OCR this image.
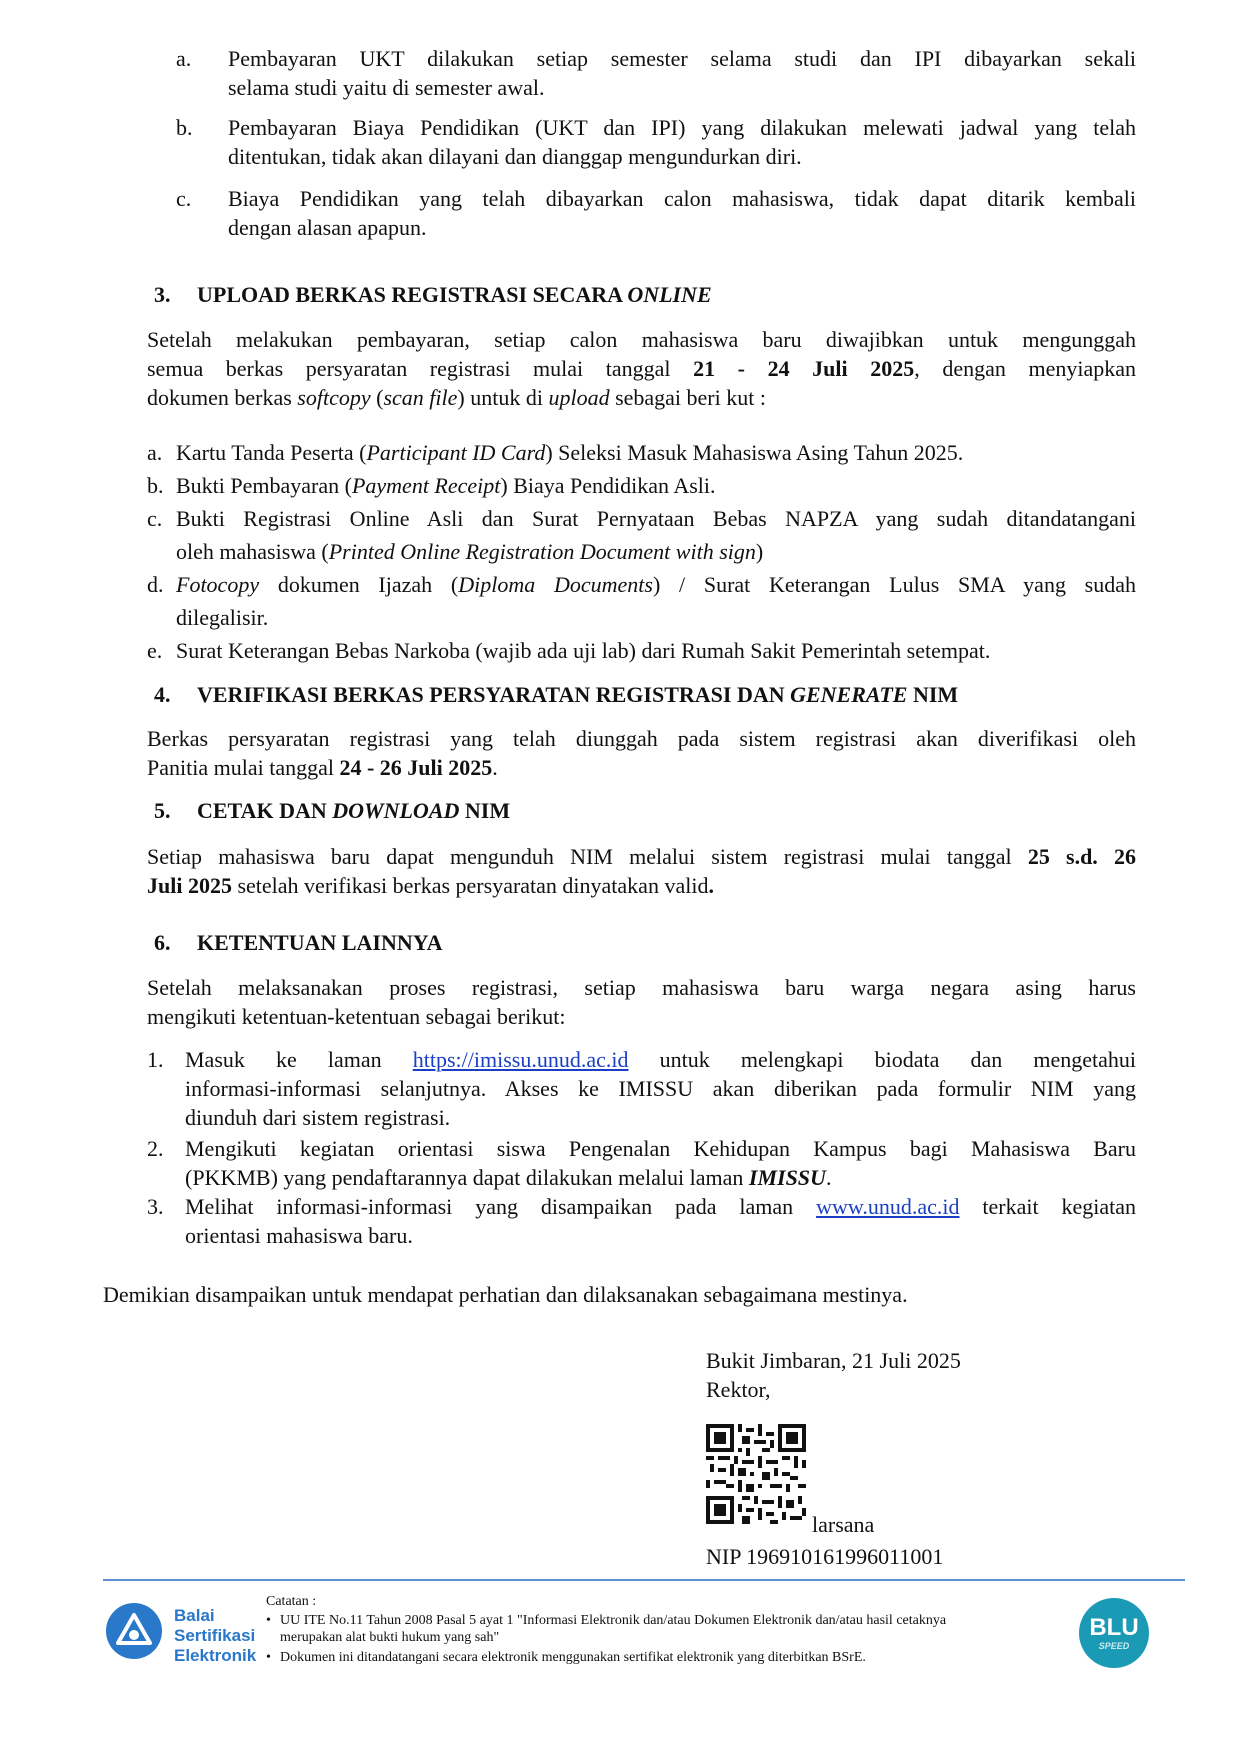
a. Pembayaran UKT dilakukan setiap semester selama studi dan IPI dibayarkan sekali

selama studi yaitu di semester awal.

b. Pembayaran Biaya Pendidikan (UKT dan IPI) yang dilakukan melewati jadwal yang telah

ditentukan, tidak akan dilayani dan dianggap mengundurkan diri.

c. Biaya Pendidikan yang telah dibayarkan calon mahasiswa, tidak dapat ditarik kembali

dengan alasan apapun.

3. UPLOAD BERKAS REGISTRASI SECARA ONLINE

Setelah melakukan pembayaran, setiap calon mahasiswa baru diwajibkan untuk mengunggah

semua berkas persyaratan registrasi mulai tanggal 21 - 24 Juli 2025, dengan menyiapkan

dokumen berkas softcopy (scan file) untuk di upload sebagai beri kut :

a. Kartu Tanda Peserta (Participant ID Card) Seleksi Masuk Mahasiswa Asing Tahun 2025.

b. Bukti Pembayaran (Payment Receipt) Biaya Pendidikan Asli.

c. Bukti Registrasi Online Asli dan Surat Pernyataan Bebas NAPZA yang sudah ditandatangani

oleh mahasiswa (Printed Online Registration Document with sign)

d. Fotocopy dokumen Ijazah (Diploma Documents) / Surat Keterangan Lulus SMA yang sudah

dilegalisir.

e. Surat Keterangan Bebas Narkoba (wajib ada uji lab) dari Rumah Sakit Pemerintah setempat.

4. VERIFIKASI BERKAS PERSYARATAN REGISTRASI DAN GENERATE NIM

Berkas persyaratan registrasi yang telah diunggah pada sistem registrasi akan diverifikasi oleh

Panitia mulai tanggal 24 - 26 Juli 2025.

5. CETAK DAN DOWNLOAD NIM

Setiap mahasiswa baru dapat mengunduh NIM melalui sistem registrasi mulai tanggal 25 s.d. 26

Juli 2025 setelah verifikasi berkas persyaratan dinyatakan valid.

6. KETENTUAN LAINNYA

Setelah melaksanakan proses registrasi, setiap mahasiswa baru warga negara asing harus

mengikuti ketentuan-ketentuan sebagai berikut:

1. Masuk ke laman https://imissu.unud.ac.id untuk melengkapi biodata dan mengetahui

informasi-informasi selanjutnya. Akses ke IMISSU akan diberikan pada formulir NIM yang

diunduh dari sistem registrasi.

2. Mengikuti kegiatan orientasi siswa Pengenalan Kehidupan Kampus bagi Mahasiswa Baru

(PKKMB) yang pendaftarannya dapat dilakukan melalui laman IMISSU.

3. Melihat informasi-informasi yang disampaikan pada laman www.unud.ac.id terkait kegiatan

orientasi mahasiswa baru.

Demikian disampaikan untuk mendapat perhatian dan dilaksanakan sebagaimana mestinya.

Bukit Jimbaran, 21 Juli 2025

Rektor,

larsana

NIP 196910161996011001

Balai
Sertifikasi
Elektronik
Catatan :
• UU ITE No.11 Tahun 2008 Pasal 5 ayat 1 "Informasi Elektronik dan/atau Dokumen Elektronik dan/atau hasil cetaknya
merupakan alat bukti hukum yang sah"
• Dokumen ini ditandatangani secara elektronik menggunakan sertifikat elektronik yang diterbitkan BSrE.
BLU
SPEED
